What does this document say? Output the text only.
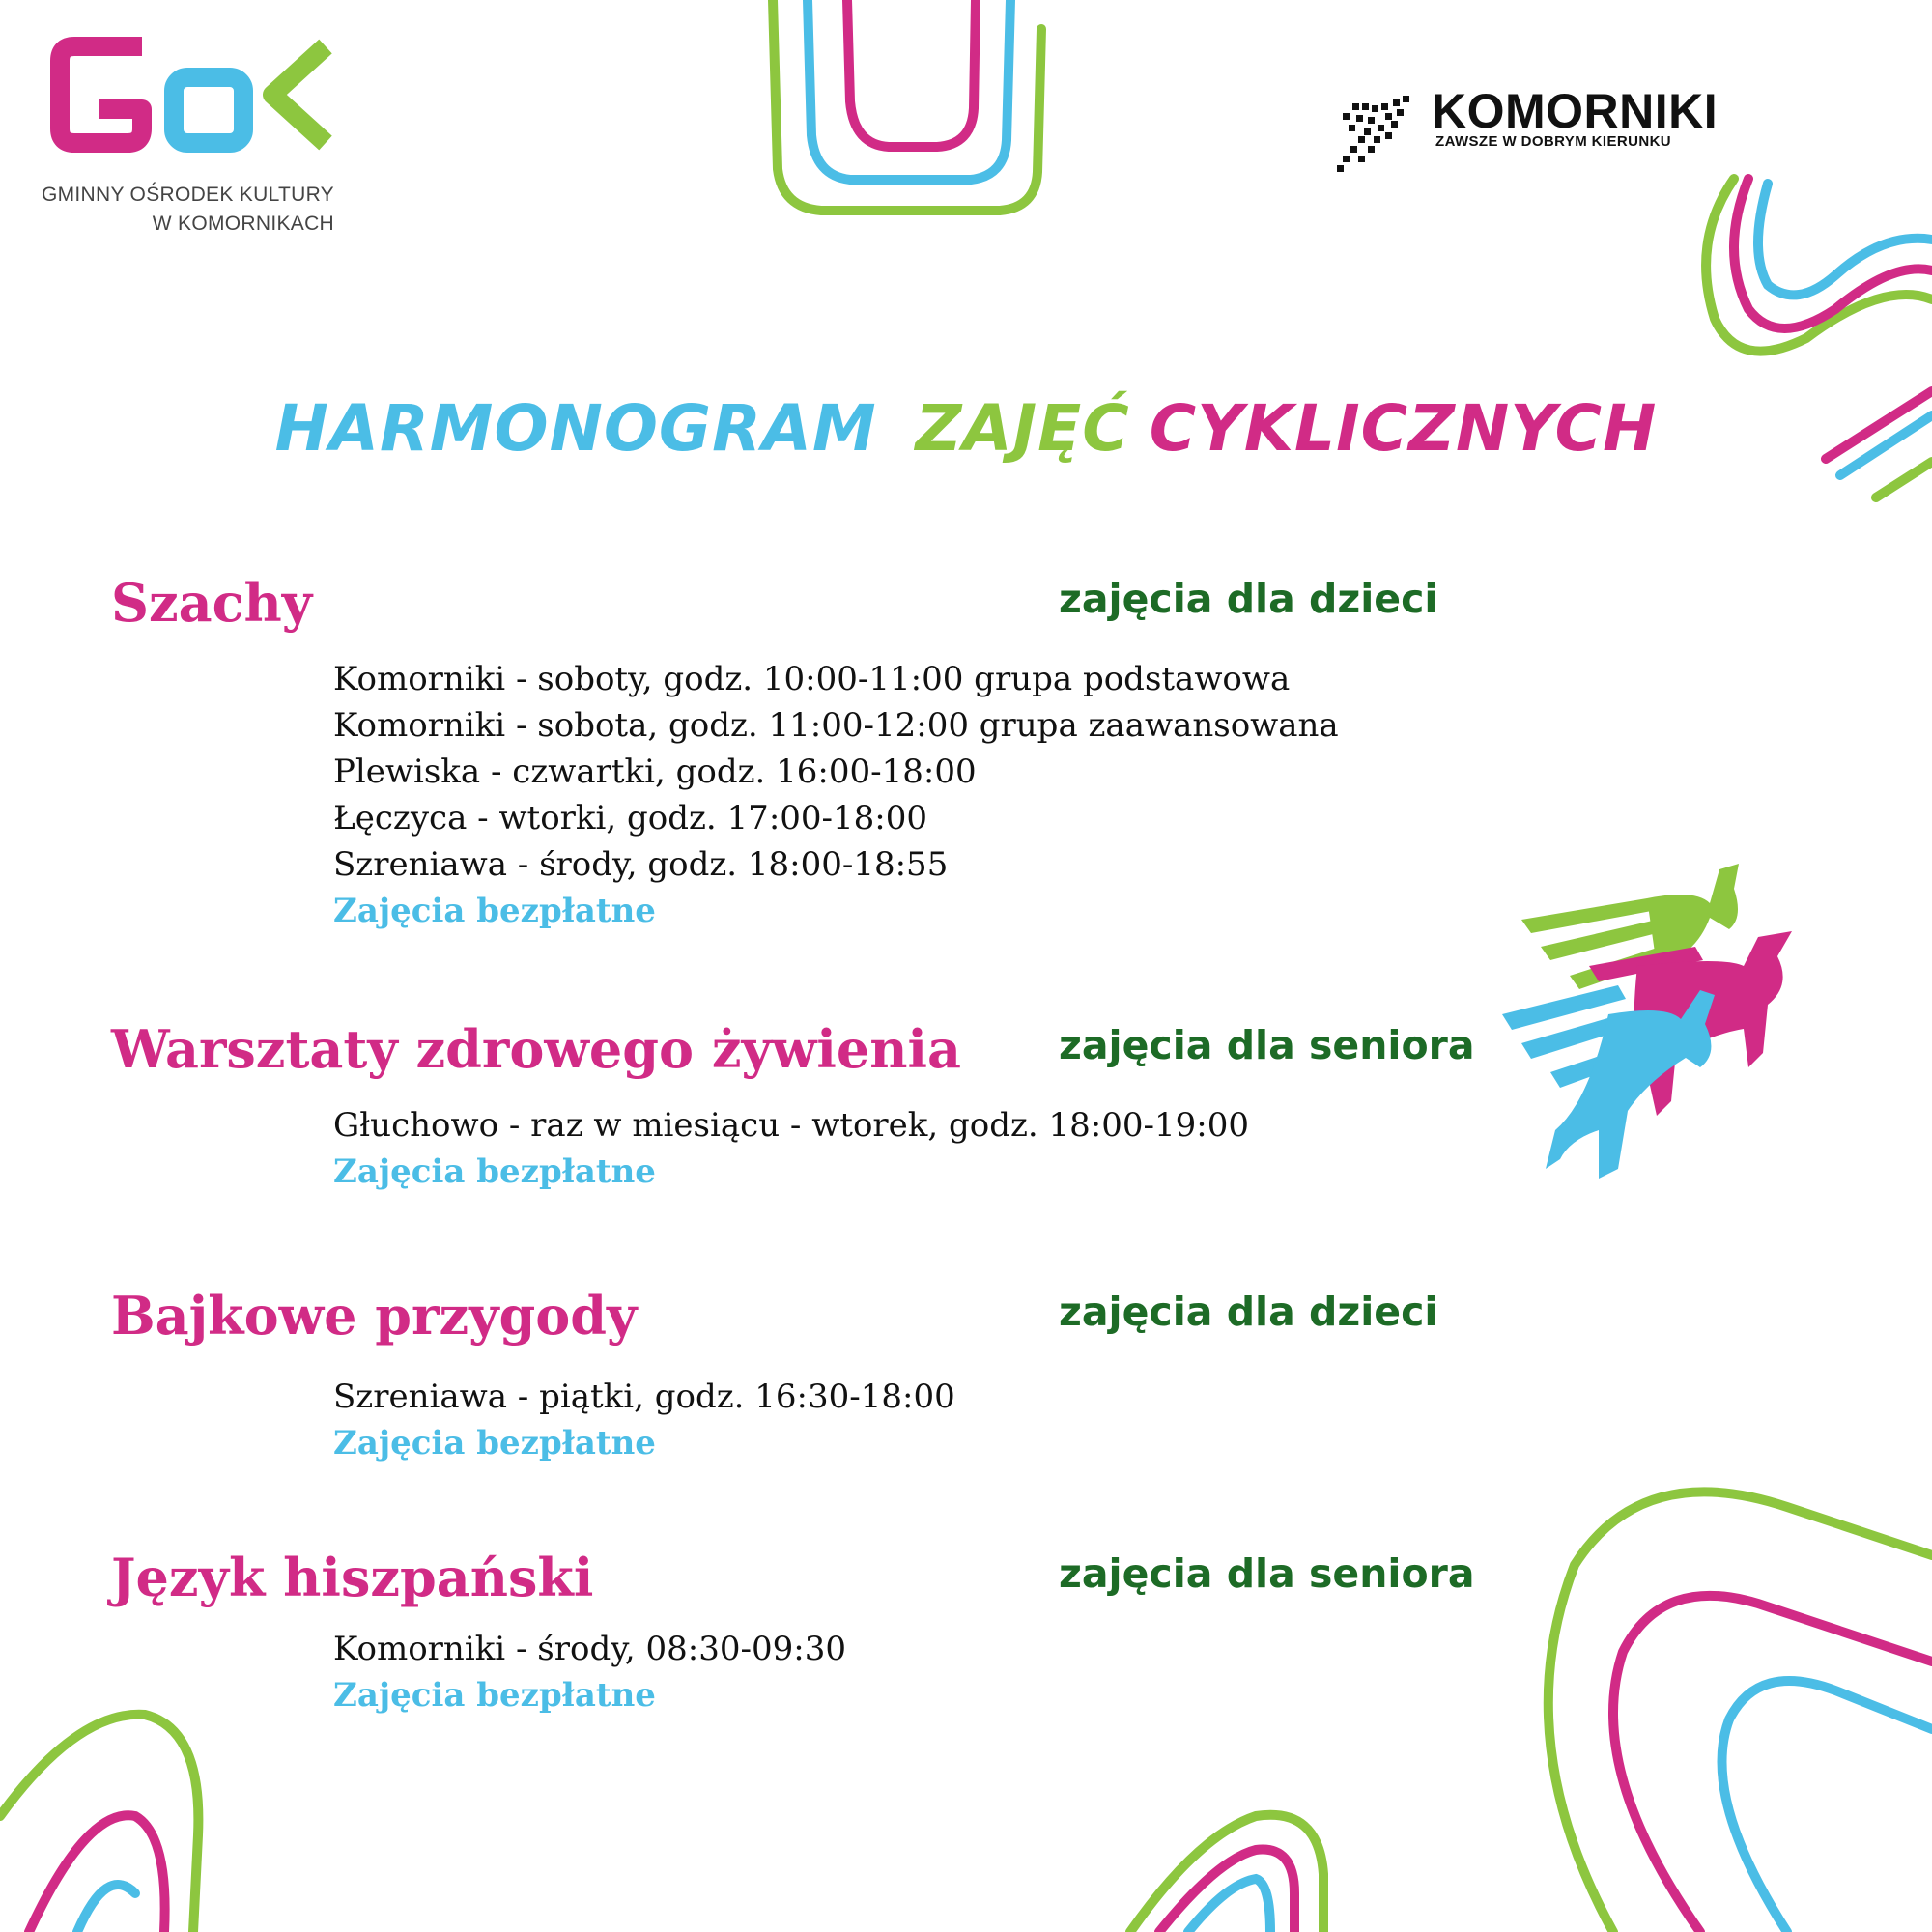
GMINNY OŚRODEK KULTURY
W KOMORNIKACH
KOMORNIKI
ZAWSZE W DOBRYM KIERUNKU
HARMONOGRAM ZAJĘĆ CYKLICZNYCH
Szachy	zajęcia dla dzieci
Komorniki - soboty, godz. 10:00-11:00 grupa podstawowa
Komorniki - sobota, godz. 11:00-12:00 grupa zaawansowana
Plewiska - czwartki, godz. 16:00-18:00
Łęczyca - wtorki, godz. 17:00-18:00
Szreniawa - środy, godz. 18:00-18:55
Zajęcia bezpłatne
Warsztaty zdrowego żywienia zajęcia dla seniora
Głuchowo - raz w miesiącu - wtorek, godz. 18:00-19:00
Zajęcia bezpłatne
Bajkowe przygody	zajęcia dla dzieci
Szreniawa - piątki, godz. 16:30-18:00
Zajęcia bezpłatne
Język hiszpański	zajęcia dla seniora
Komorniki - środy, 08:30-09:30
Zajęcia bezpłatne
